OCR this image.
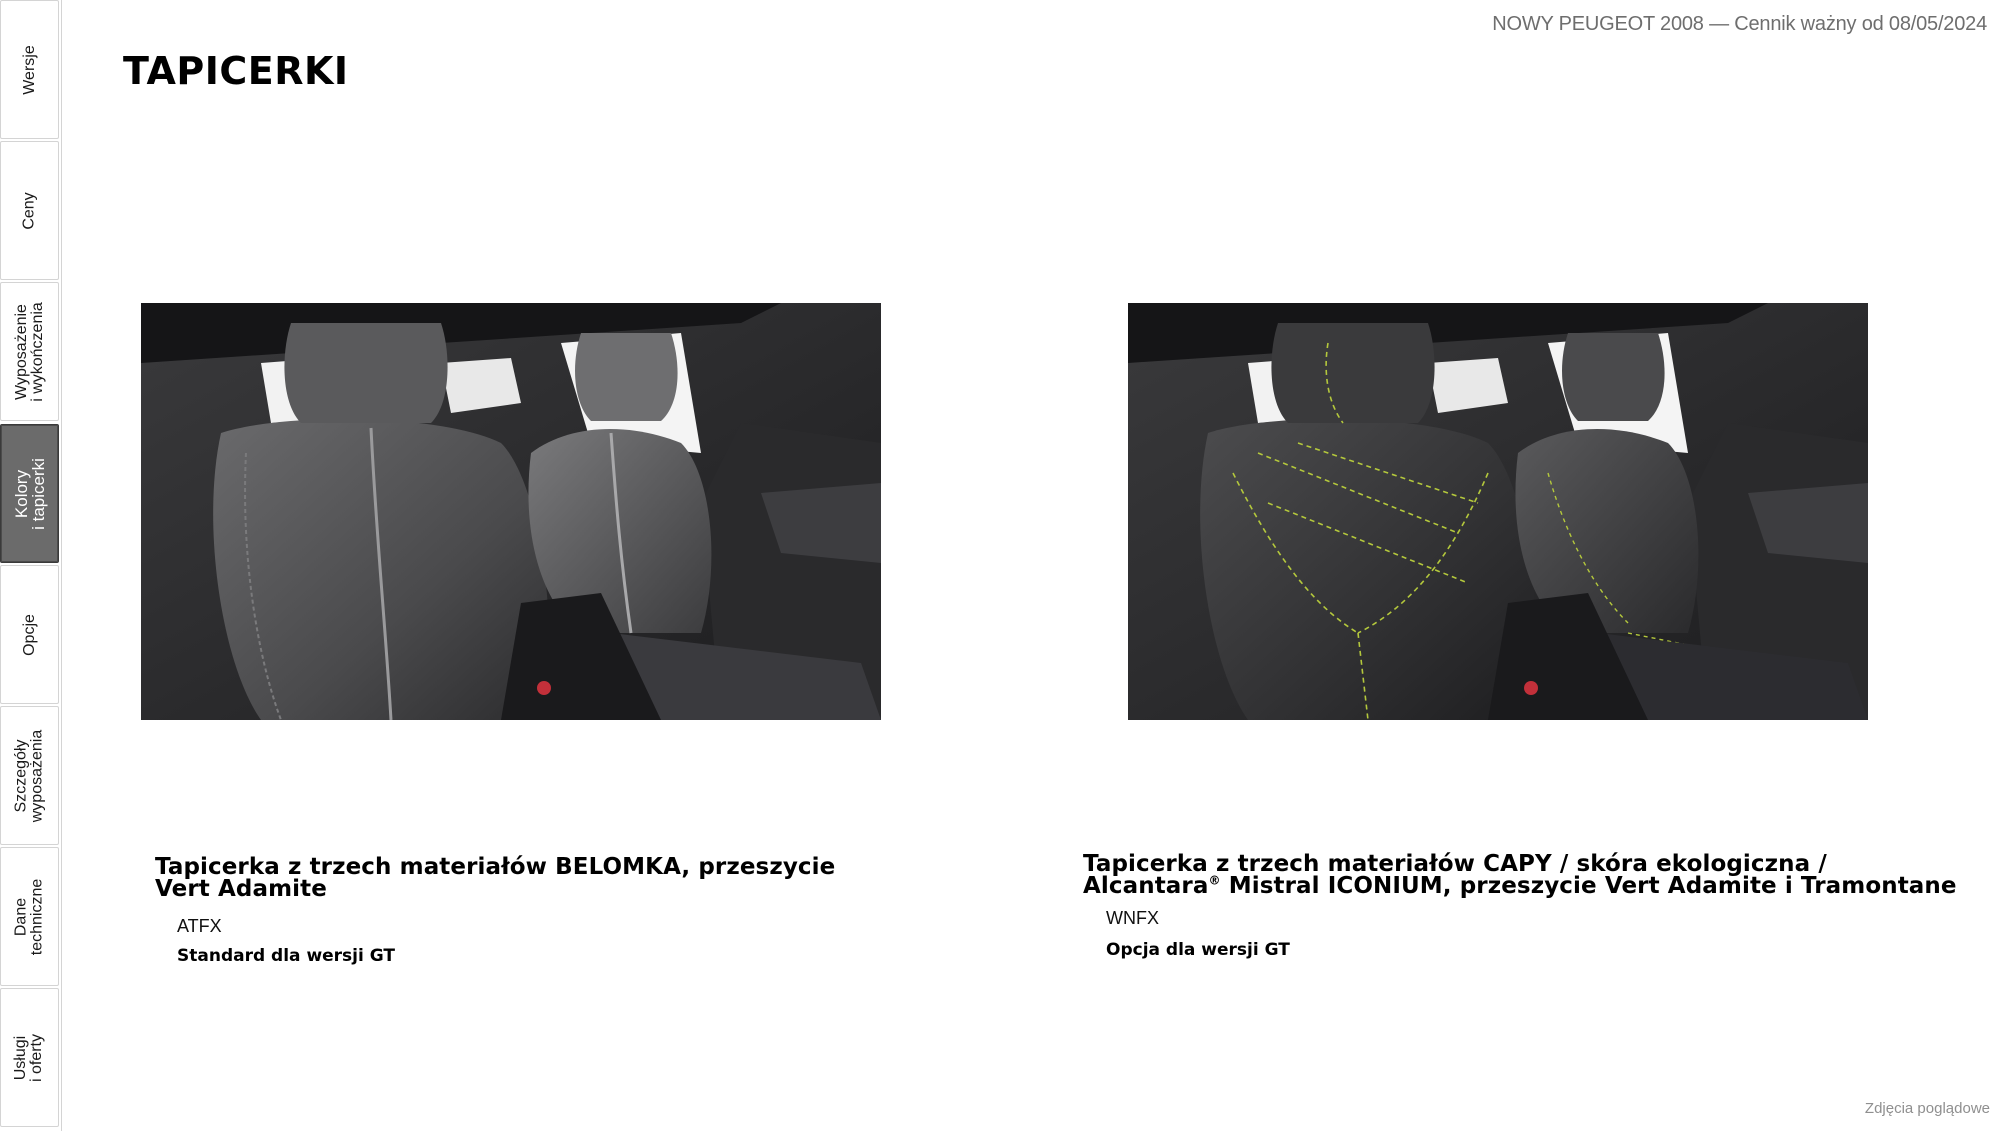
Wersje
Ceny
Wyposażenie
i wykończenia
Kolory
i tapicerki
Opcje
Szczegóły
wyposażenia
Dane
techniczne
Usługi
i oferty
NOWY PEUGEOT 2008 — Cennik ważny od 08/05/2024
TAPICERKI
Tapicerka z trzech materiałów BELOMKA, przeszycie Vert Adamite
ATFX
Standard dla wersji GT
Tapicerka z trzech materiałów CAPY / skóra ekologiczna /
Alcantara® Mistral ICONIUM, przeszycie Vert Adamite i Tramontane
WNFX
Opcja dla wersji GT
Zdjęcia poglądowe
